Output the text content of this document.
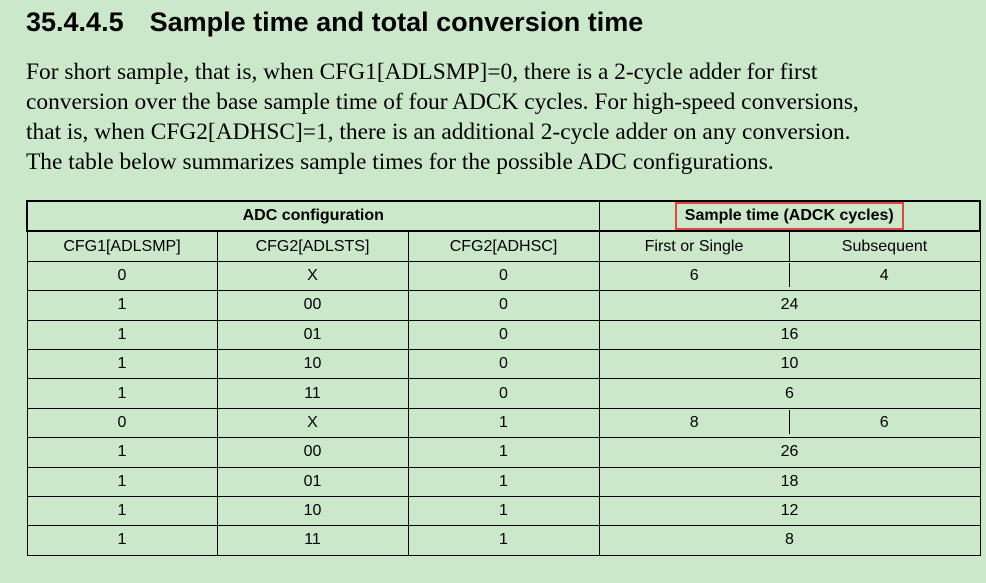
35.4.4.5 Sample time and total conversion time
For short sample, that is, when CFG1[ADLSMP]=0, there is a 2-cycle adder for first
conversion over the base sample time of four ADCK cycles. For high-speed conversions,
that is, when CFG2[ADHSC]=1, there is an additional 2-cycle adder on any conversion.
The table below summarizes sample times for the possible ADC configurations.
ADC configuration			Sample time (ADCK cycles)	
CFG1[ADLSMP]	CFG2[ADLSTS]	CFG2[ADHSC]	First or Single	Subsequent
0	X	0	6	4
1	00	0	24	
1	01	0	16	
1	10	0	10	
1	11	0	6	
0	X	1	8	6
1	00	1	26	
1	01	1	18	
1	10	1	12	
1	11	1	8	
